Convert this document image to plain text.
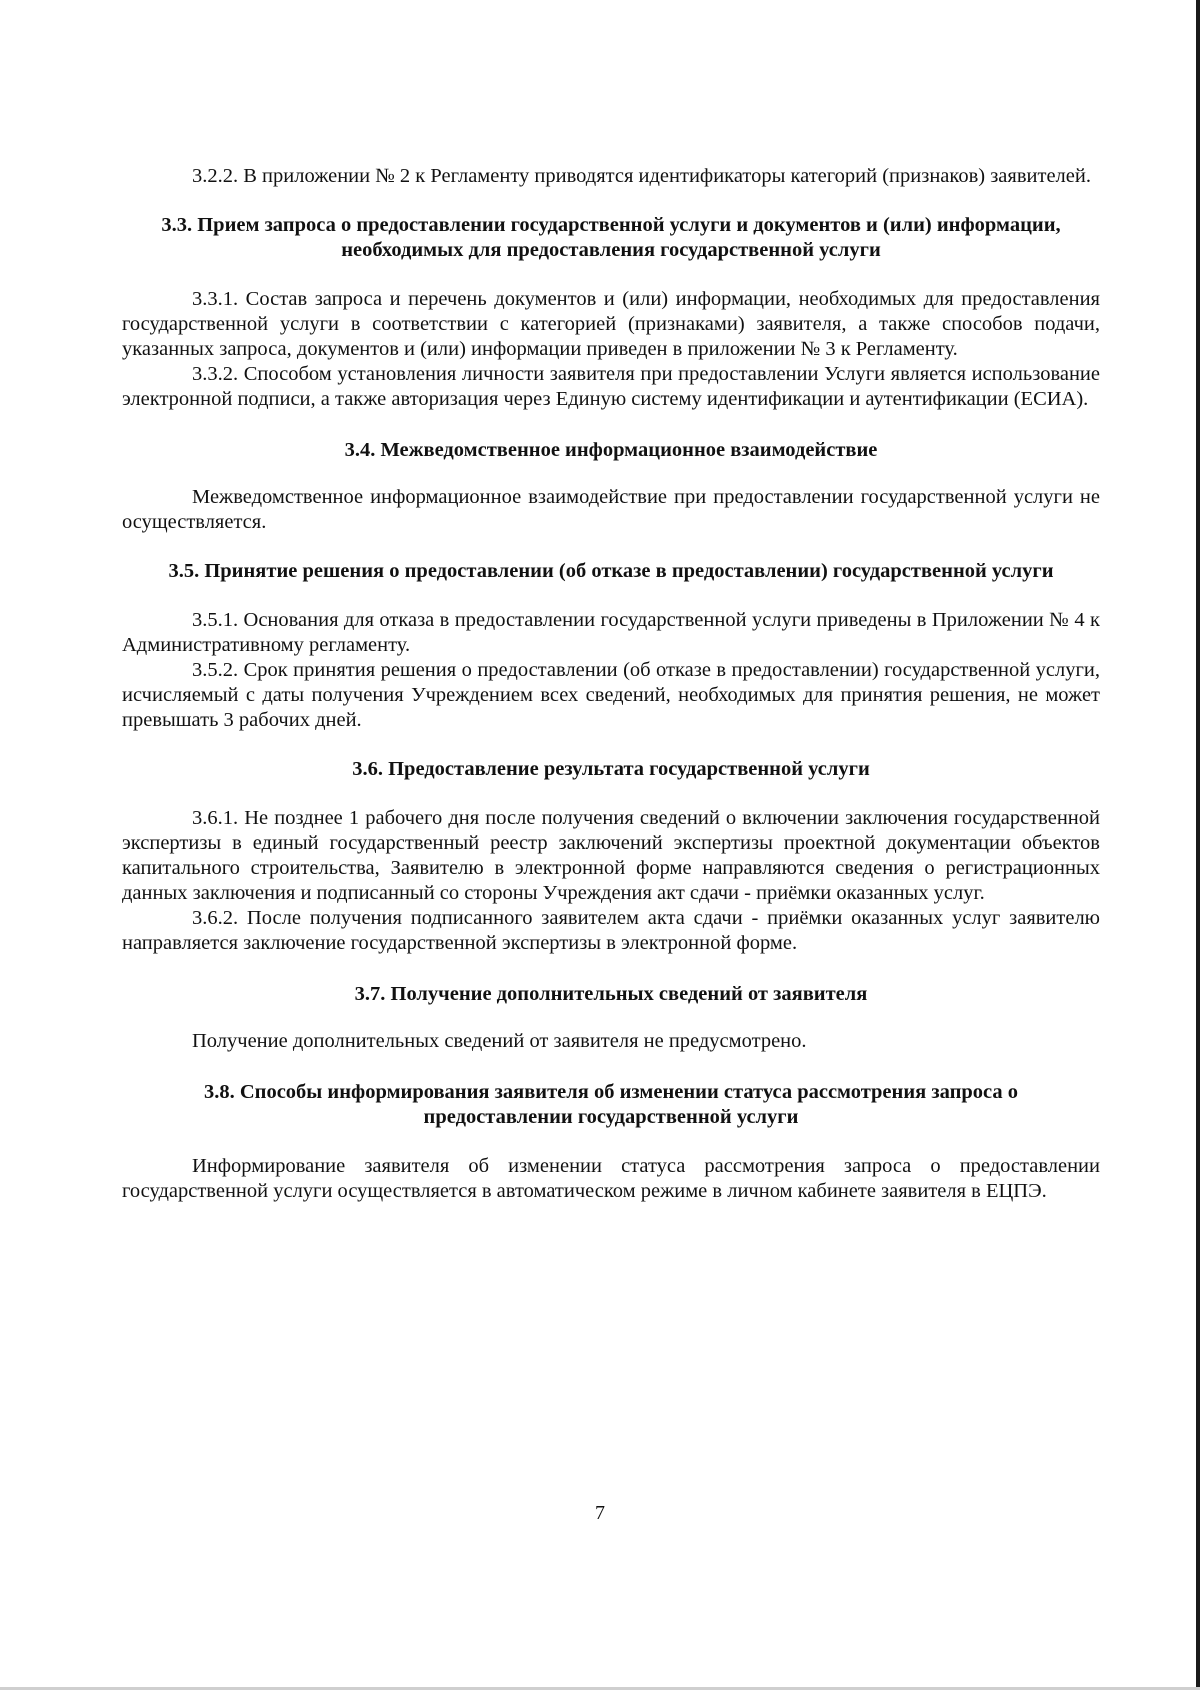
3.2.2. В приложении № 2 к Регламенту приводятся идентификаторы категорий (признаков) заявителей.

3.3. Прием запроса о предоставлении государственной услуги и документов и (или) информации, необходимых для предоставления государственной услуги

3.3.1. Состав запроса и перечень документов и (или) информации, необходимых для предоставления государственной услуги в соответствии с категорией (признаками) заявителя, а также способов подачи, указанных запроса, документов и (или) информации приведен в приложении № 3 к Регламенту.

3.3.2. Способом установления личности заявителя при предоставлении Услуги является использование электронной подписи, а также авторизация через Единую систему идентификации и аутентификации (ЕСИА).

3.4. Межведомственное информационное взаимодействие

Межведомственное информационное взаимодействие при предоставлении государственной услуги не осуществляется.

3.5. Принятие решения о предоставлении (об отказе в предоставлении) государственной услуги

3.5.1. Основания для отказа в предоставлении государственной услуги приведены в Приложении № 4 к Административному регламенту.

3.5.2. Срок принятия решения о предоставлении (об отказе в предоставлении) государственной услуги, исчисляемый с даты получения Учреждением всех сведений, необходимых для принятия решения, не может превышать 3 рабочих дней.

3.6. Предоставление результата государственной услуги

3.6.1. Не позднее 1 рабочего дня после получения сведений о включении заключения государственной экспертизы в единый государственный реестр заключений экспертизы проектной документации объектов капитального строительства, Заявителю в электронной форме направляются сведения о регистрационных данных заключения и подписанный со стороны Учреждения акт сдачи - приёмки оказанных услуг.

3.6.2. После получения подписанного заявителем акта сдачи - приёмки оказанных услуг заявителю направляется заключение государственной экспертизы в электронной форме.

3.7. Получение дополнительных сведений от заявителя

Получение дополнительных сведений от заявителя не предусмотрено.

3.8. Способы информирования заявителя об изменении статуса рассмотрения запроса о предоставлении государственной услуги

Информирование заявителя об изменении статуса рассмотрения запроса о предоставлении государственной услуги осуществляется в автоматическом режиме в личном кабинете заявителя в ЕЦПЭ.

7
